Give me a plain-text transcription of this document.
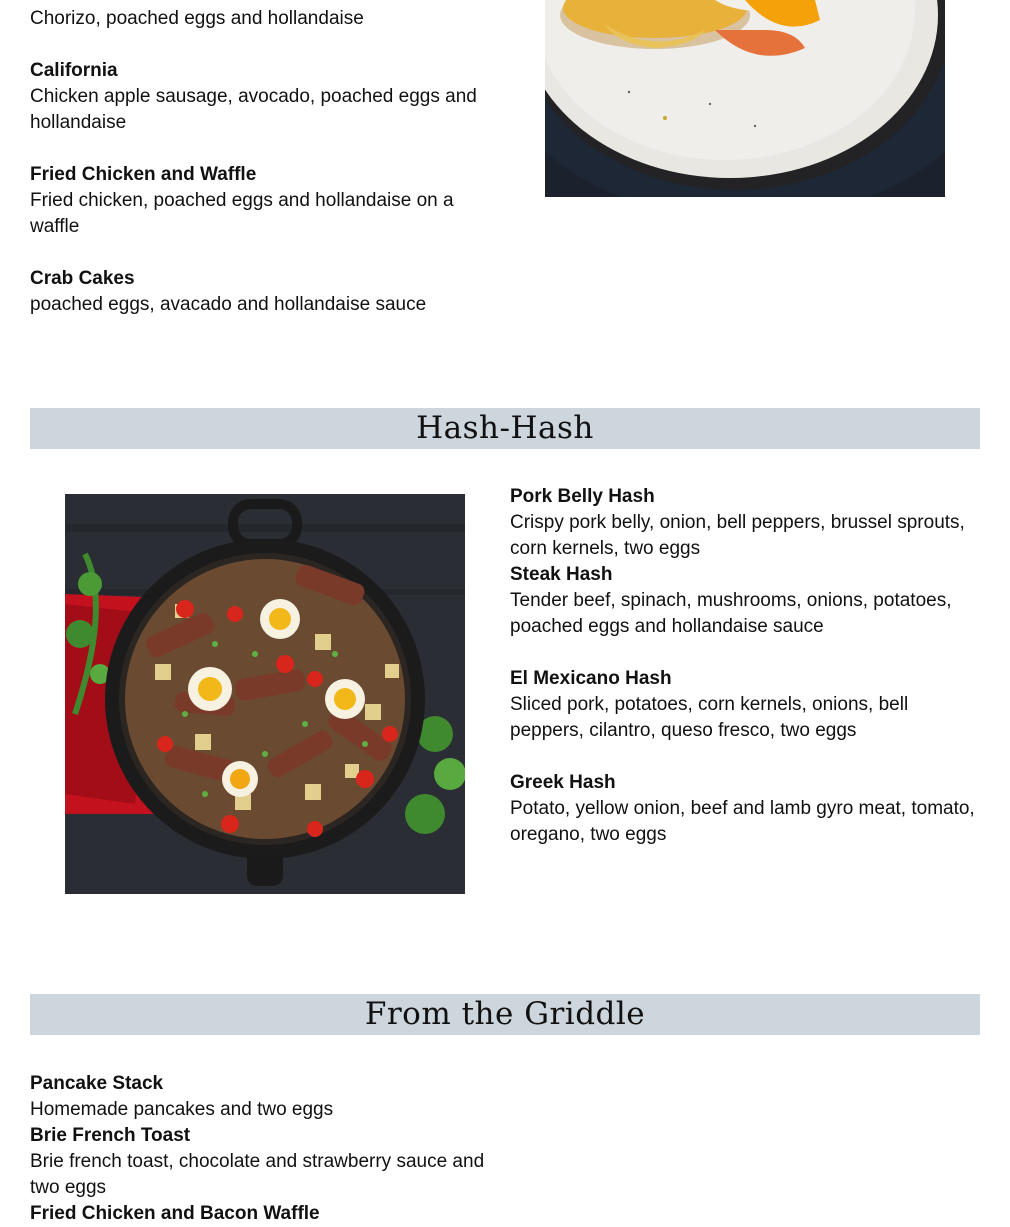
Chorizo, poached eggs and hollandaise
California
Chicken apple sausage, avocado, poached eggs and hollandaise
Fried Chicken and Waffle
Fried chicken, poached eggs and hollandaise on a waffle
Crab Cakes
poached eggs, avacado and hollandaise sauce
Hash-Hash
Pork Belly Hash
Crispy pork belly, onion, bell peppers, brussel sprouts, corn kernels, two eggs
Steak Hash
Tender beef, spinach, mushrooms, onions, potatoes, poached eggs and hollandaise sauce
El Mexicano Hash
Sliced pork, potatoes, corn kernels, onions, bell peppers, cilantro, queso fresco, two eggs
Greek Hash
Potato, yellow onion, beef and lamb gyro meat, tomato, oregano, two eggs
From the Griddle
Pancake Stack
Homemade pancakes and two eggs
Brie French Toast
Brie french toast, chocolate and strawberry sauce and two eggs
Fried Chicken and Bacon Waffle
